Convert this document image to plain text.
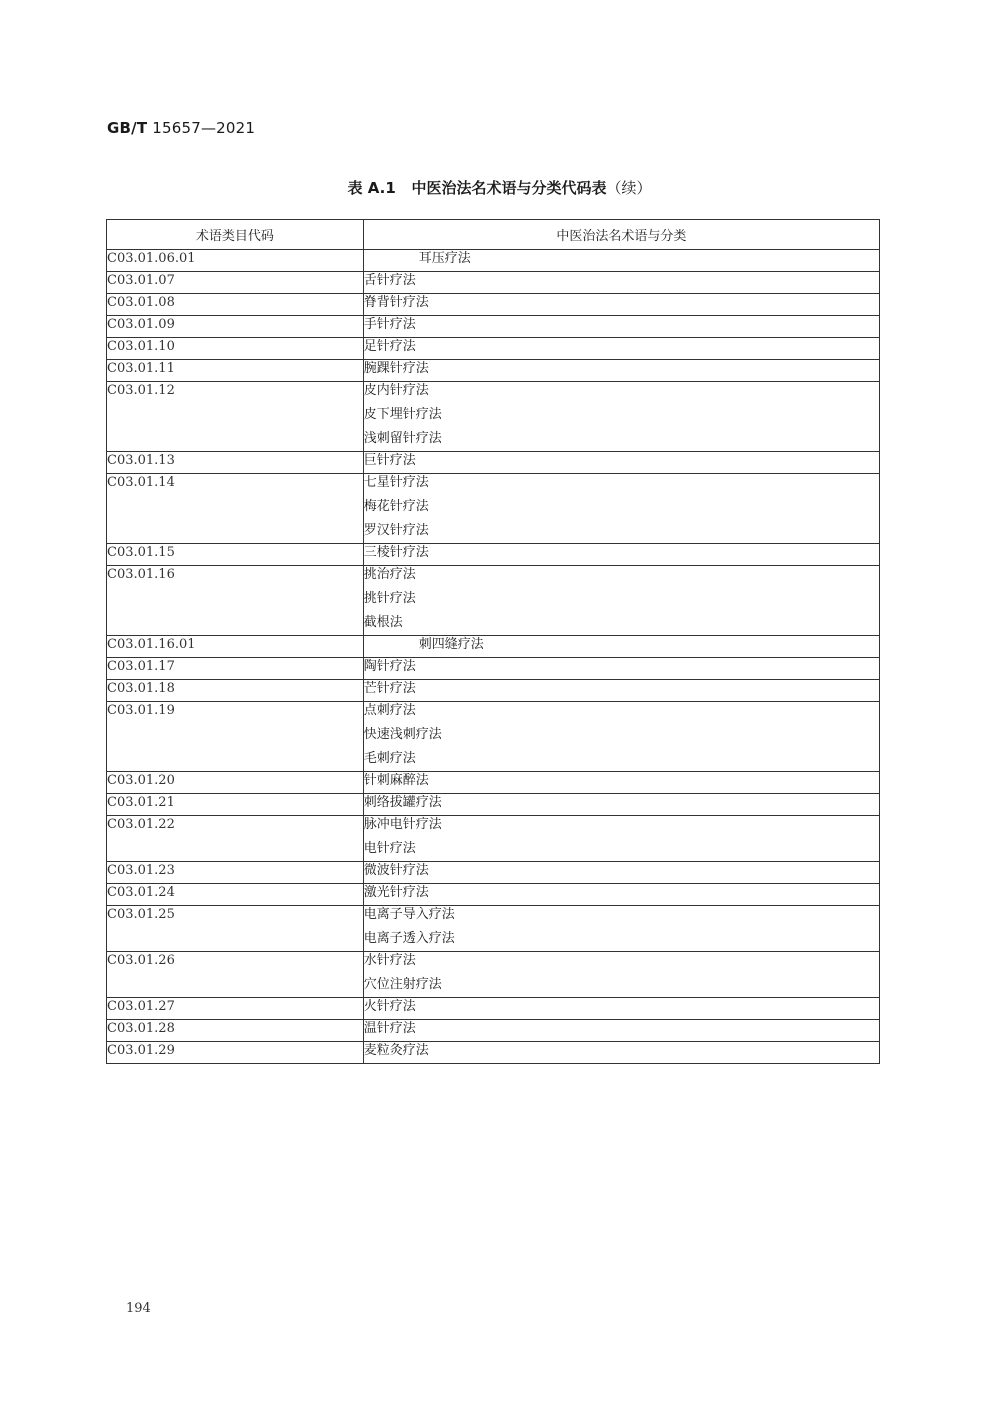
GB/T 15657—2021
表 A.1 中医治法名术语与分类代码表（续）
术语类目代码	中医治法名术语与分类
C03.01.06.01	耳压疗法

C03.01.07	舌针疗法

C03.01.08	脊背针疗法

C03.01.09	手针疗法

C03.01.10	足针疗法

C03.01.11	腕踝针疗法

C03.01.12	皮内针疗法
皮下埋针疗法
浅刺留针疗法

C03.01.13	巨针疗法

C03.01.14	七星针疗法
梅花针疗法
罗汉针疗法

C03.01.15	三棱针疗法

C03.01.16	挑治疗法
挑针疗法
截根法

C03.01.16.01	刺四缝疗法

C03.01.17	陶针疗法

C03.01.18	芒针疗法

C03.01.19	点刺疗法
快速浅刺疗法
毛刺疗法

C03.01.20	针刺麻醉法

C03.01.21	刺络拔罐疗法

C03.01.22	脉冲电针疗法
电针疗法

C03.01.23	微波针疗法

C03.01.24	激光针疗法

C03.01.25	电离子导入疗法
电离子透入疗法

C03.01.26	水针疗法
穴位注射疗法

C03.01.27	火针疗法

C03.01.28	温针疗法

C03.01.29	麦粒灸疗法
194
